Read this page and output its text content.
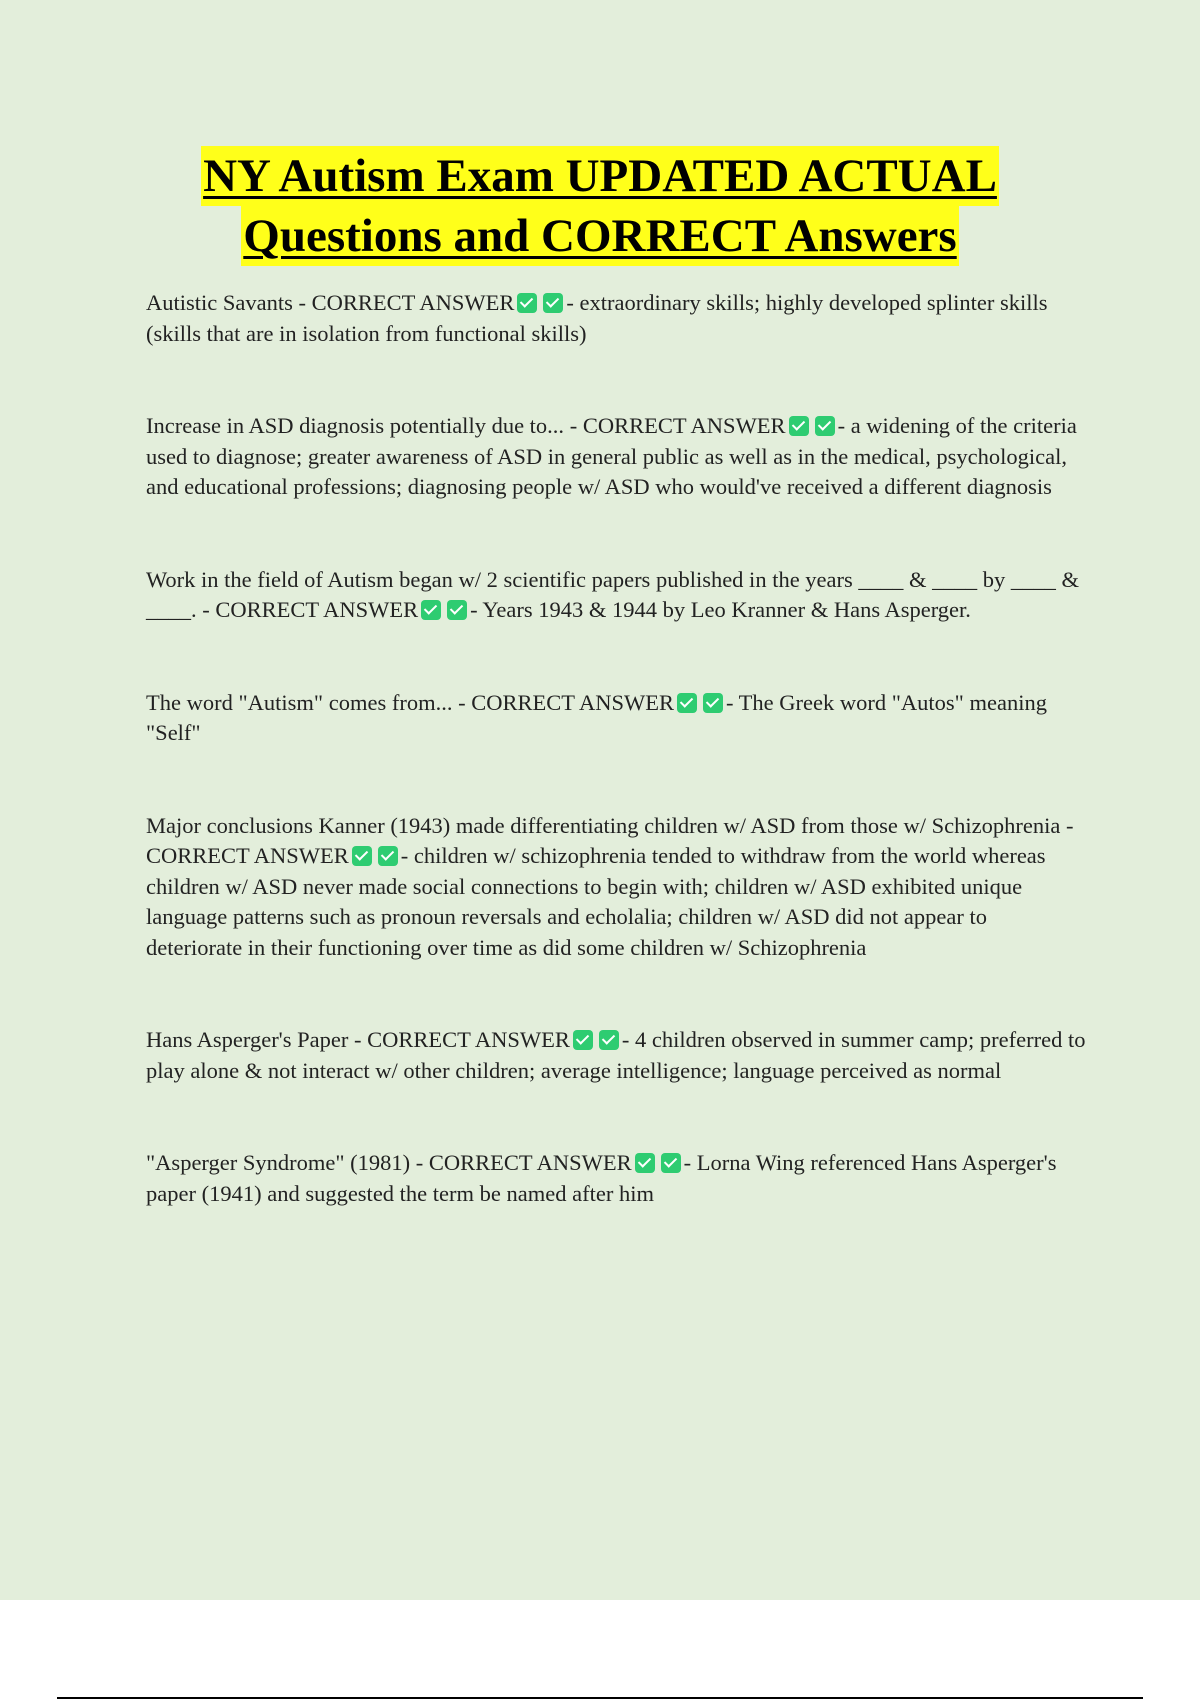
NY Autism Exam UPDATED ACTUAL
Questions and CORRECT Answers

Autistic Savants - CORRECT ANSWER - extraordinary skills; highly developed splinter skills (skills that are in isolation from functional skills)

Increase in ASD diagnosis potentially due to... - CORRECT ANSWER - a widening of the criteria used to diagnose; greater awareness of ASD in general public as well as in the medical, psychological, and educational professions; diagnosing people w/ ASD who would've received a different diagnosis

Work in the field of Autism began w/ 2 scientific papers published in the years ____ & ____ by ____ & ____. - CORRECT ANSWER - Years 1943 & 1944 by Leo Kranner & Hans Asperger.

The word "Autism" comes from... - CORRECT ANSWER - The Greek word "Autos" meaning "Self"

Major conclusions Kanner (1943) made differentiating children w/ ASD from those w/ Schizophrenia - CORRECT ANSWER - children w/ schizophrenia tended to withdraw from the world whereas children w/ ASD never made social connections to begin with; children w/ ASD exhibited unique language patterns such as pronoun reversals and echolalia; children w/ ASD did not appear to deteriorate in their functioning over time as did some children w/ Schizophrenia

Hans Asperger's Paper - CORRECT ANSWER - 4 children observed in summer camp; preferred to play alone & not interact w/ other children; average intelligence; language perceived as normal

"Asperger Syndrome" (1981) - CORRECT ANSWER - Lorna Wing referenced Hans Asperger's paper (1941) and suggested the term be named after him
